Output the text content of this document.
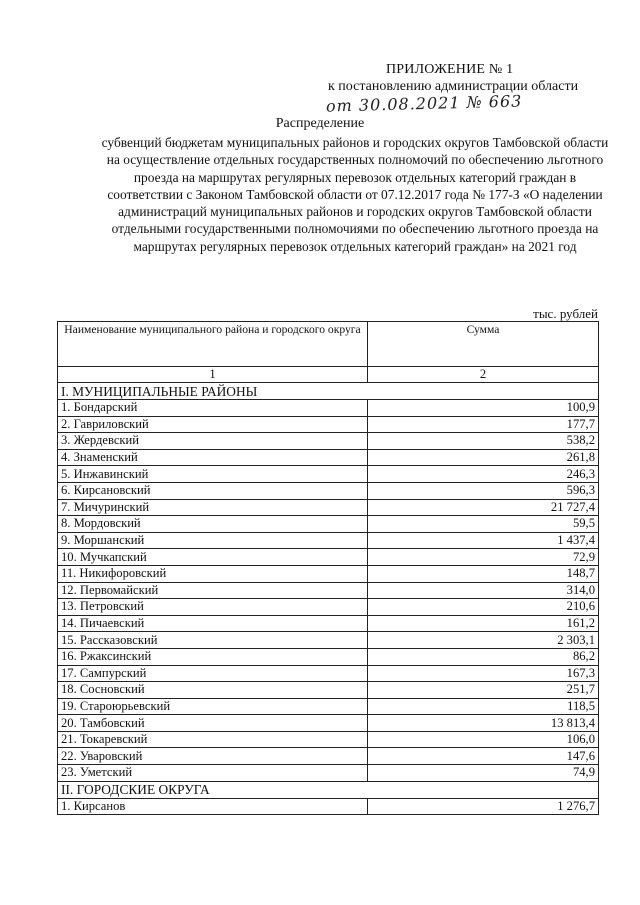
ПРИЛОЖЕНИЕ № 1
к постановлению администрации области
от 30.08.2021 № 663
Распределение
субвенций бюджетам муниципальных районов и городских округов Тамбовской области на осуществление отдельных государственных полномочий по обеспечению льготного проезда на маршрутах регулярных перевозок отдельных категорий граждан в соответствии с Законом Тамбовской области от 07.12.2017 года № 177-З «О наделении администраций муниципальных районов и городских округов Тамбовской области отдельными государственными полномочиями по обеспечению льготного проезда на маршрутах регулярных перевозок отдельных категорий граждан» на 2021 год
тыс. рублей
Наименование муниципального района и городского округа	Сумма
1	2
I. МУНИЦИПАЛЬНЫЕ РАЙОНЫ	
1. Бондарский	100,9
2. Гавриловский	177,7
3. Жердевский	538,2
4. Знаменский	261,8
5. Инжавинский	246,3
6. Кирсановский	596,3
7. Мичуринский	21 727,4
8. Мордовский	59,5
9. Моршанский	1 437,4
10. Мучкапский	72,9
11. Никифоровский	148,7
12. Первомайский	314,0
13. Петровский	210,6
14. Пичаевский	161,2
15. Рассказовский	2 303,1
16. Ржаксинский	86,2
17. Сампурский	167,3
18. Сосновский	251,7
19. Староюрьевский	118,5
20. Тамбовский	13 813,4
21. Токаревский	106,0
22. Уваровский	147,6
23. Уметский	74,9
II. ГОРОДСКИЕ ОКРУГА	
1. Кирсанов	1 276,7
